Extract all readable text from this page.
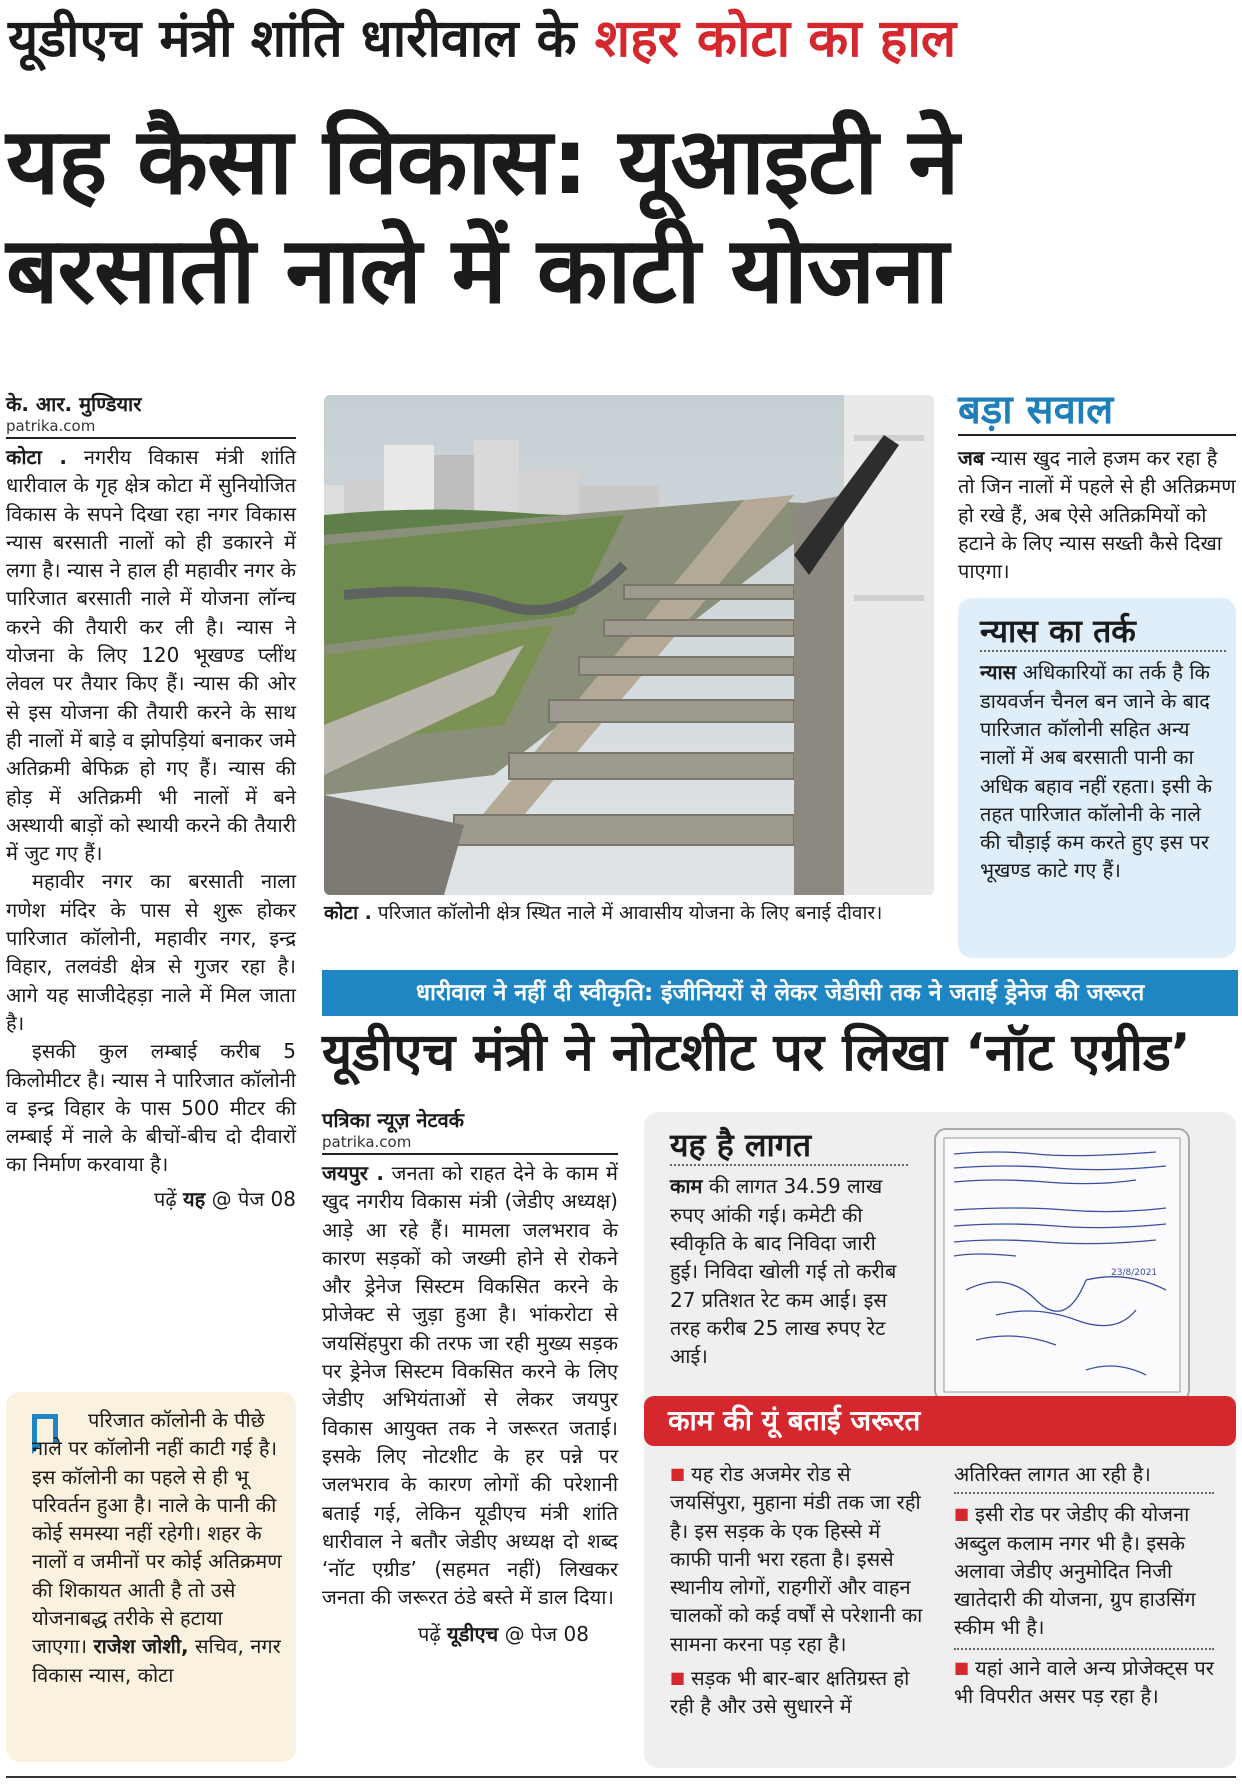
यूडीएच मंत्री शांति धारीवाल के शहर कोटा का हाल
यह कैसा विकास: यूआइटी ने
बरसाती नाले में काटी योजना
के. आर. मुण्डियार
patrika.com

कोटा . नगरीय विकास मंत्री शांति धारीवाल के गृह क्षेत्र कोटा में सुनियोजित विकास के सपने दिखा रहा नगर विकास न्यास बरसाती नालों को ही डकारने में लगा है। न्यास ने हाल ही महावीर नगर के पारिजात बरसाती नाले में योजना लॉन्च करने की तैयारी कर ली है। न्यास ने योजना के लिए 120 भूखण्ड प्लींथ लेवल पर तैयार किए हैं। न्यास की ओर से इस योजना की तैयारी करने के साथ ही नालों में बाड़े व झोपड़ियां बनाकर जमे अतिक्रमी बेफिक्र हो गए हैं। न्यास की होड़ में अतिक्रमी भी नालों में बने अस्थायी बाड़ों को स्थायी करने की तैयारी में जुट गए हैं।

महावीर नगर का बरसाती नाला गणेश मंदिर के पास से शुरू होकर पारिजात कॉलोनी, महावीर नगर, इन्द्र विहार, तलवंडी क्षेत्र से गुजर रहा है। आगे यह साजीदेहड़ा नाले में मिल जाता है।

इसकी कुल लम्बाई करीब 5 किलोमीटर है। न्यास ने पारिजात कॉलोनी व इन्द्र विहार के पास 500 मीटर की लम्बाई में नाले के बीचों-बीच दो दीवारों का निर्माण करवाया है।

पढ़ें यह @ पेज 08
परिजात कॉलोनी के पीछे नाले पर कॉलोनी नहीं काटी गई है। इस कॉलोनी का पहले से ही भू परिवर्तन हुआ है। नाले के पानी की कोई समस्या नहीं रहेगी। शहर के नालों व जमीनों पर कोई अतिक्रमण की शिकायत आती है तो उसे योजनाबद्ध तरीके से हटाया जाएगा। राजेश जोशी, सचिव, नगर विकास न्यास, कोटा
कोटा . परिजात कॉलोनी क्षेत्र स्थित नाले में आवासीय योजना के लिए बनाई दीवार।
बड़ा सवाल
जब न्यास खुद नाले हजम कर रहा है तो जिन नालों में पहले से ही अतिक्रमण हो रखे हैं, अब ऐसे अतिक्रमियों को हटाने के लिए न्यास सख्ती कैसे दिखा पाएगा।
न्यास का तर्क
न्यास अधिकारियों का तर्क है कि डायवर्जन चैनल बन जाने के बाद पारिजात कॉलोनी सहित अन्य नालों में अब बरसाती पानी का अधिक बहाव नहीं रहता। इसी के तहत पारिजात कॉलोनी के नाले की चौड़ाई कम करते हुए इस पर भूखण्ड काटे गए हैं।
धारीवाल ने नहीं दी स्वीकृति: इंजीनियरों से लेकर जेडीसी तक ने जताई ड्रेनेज की जरूरत
यूडीएच मंत्री ने नोटशीट पर लिखा ‘नॉट एग्रीड’
पत्रिका न्यूज़ नेटवर्क
patrika.com

जयपुर . जनता को राहत देने के काम में खुद नगरीय विकास मंत्री (जेडीए अध्यक्ष) आड़े आ रहे हैं। मामला जलभराव के कारण सड़कों को जख्मी होने से रोकने और ड्रेनेज सिस्टम विकसित करने के प्रोजेक्ट से जुड़ा हुआ है। भांकरोटा से जयसिंहपुरा की तरफ जा रही मुख्य सड़क पर ड्रेनेज सिस्टम विकसित करने के लिए जेडीए अभियंताओं से लेकर जयपुर विकास आयुक्त तक ने जरूरत जताई। इसके लिए नोटशीट के हर पन्ने पर जलभराव के कारण लोगों की परेशानी बताई गई, लेकिन यूडीएच मंत्री शांति धारीवाल ने बतौर जेडीए अध्यक्ष दो शब्द ‘नॉट एग्रीड’ (सहमत नहीं) लिखकर जनता की जरूरत ठंडे बस्ते में डाल दिया।

पढ़ें यूडीएच @ पेज 08
यह है लागत
काम की लागत 34.59 लाख रुपए आंकी गई। कमेटी की स्वीकृति के बाद निविदा जारी हुई। निविदा खोली गई तो करीब 27 प्रतिशत रेट कम आई। इस तरह करीब 25 लाख रुपए रेट आई।
23/8/2021
काम की यूं बताई जरूरत
■ यह रोड अजमेर रोड से जयसिंपुरा, मुहाना मंडी तक जा रही है। इस सड़क के एक हिस्से में काफी पानी भरा रहता है। इससे स्थानीय लोगों, राहगीरों और वाहन चालकों को कई वर्षों से परेशानी का सामना करना पड़ रहा है।
■ सड़क भी बार-बार क्षतिग्रस्त हो रही है और उसे सुधारने में
अतिरिक्त लागत आ रही है।
■ इसी रोड पर जेडीए की योजना अब्दुल कलाम नगर भी है। इसके अलावा जेडीए अनुमोदित निजी खातेदारी की योजना, ग्रुप हाउसिंग स्कीम भी है।
■ यहां आने वाले अन्य प्रोजेक्ट्स पर भी विपरीत असर पड़ रहा है।
